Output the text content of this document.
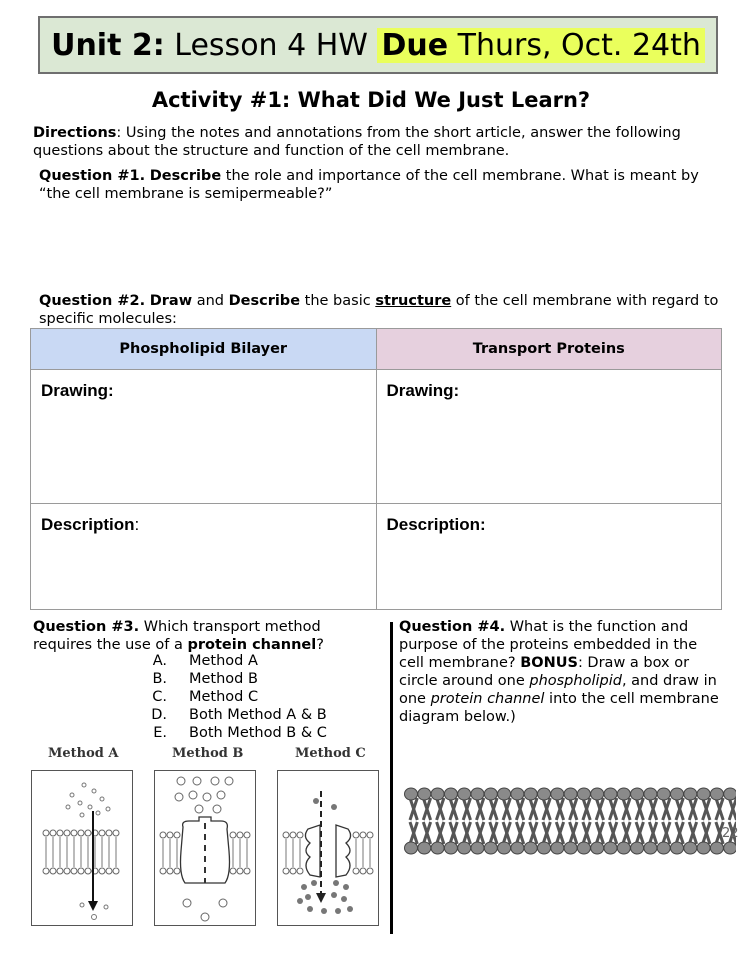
Unit 2: Lesson 4 HW Due Thurs, Oct. 24th
Activity #1: What Did We Just Learn?
Directions: Using the notes and annotations from the short article, answer the following questions about the structure and function of the cell membrane.
Question #1. Describe the role and importance of the cell membrane. What is meant by “the cell membrane is semipermeable?”
Question #2. Draw and Describe the basic structure of the cell membrane with regard to specific molecules:
Phospholipid Bilayer	Transport Proteins

Drawing:	Drawing:

Description:	Description:
Question #3. Which transport method requires the use of a protein channel?
A. Method A
B. Method B
C. Method C
D. Both Method A & B
E. Both Method B & C
Method A	Method B	Method C
Question #4. What is the function and purpose of the proteins embedded in the cell membrane? BONUS: Draw a box or circle around one phospholipid, and draw in one protein channel into the cell membrane diagram below.)
22
